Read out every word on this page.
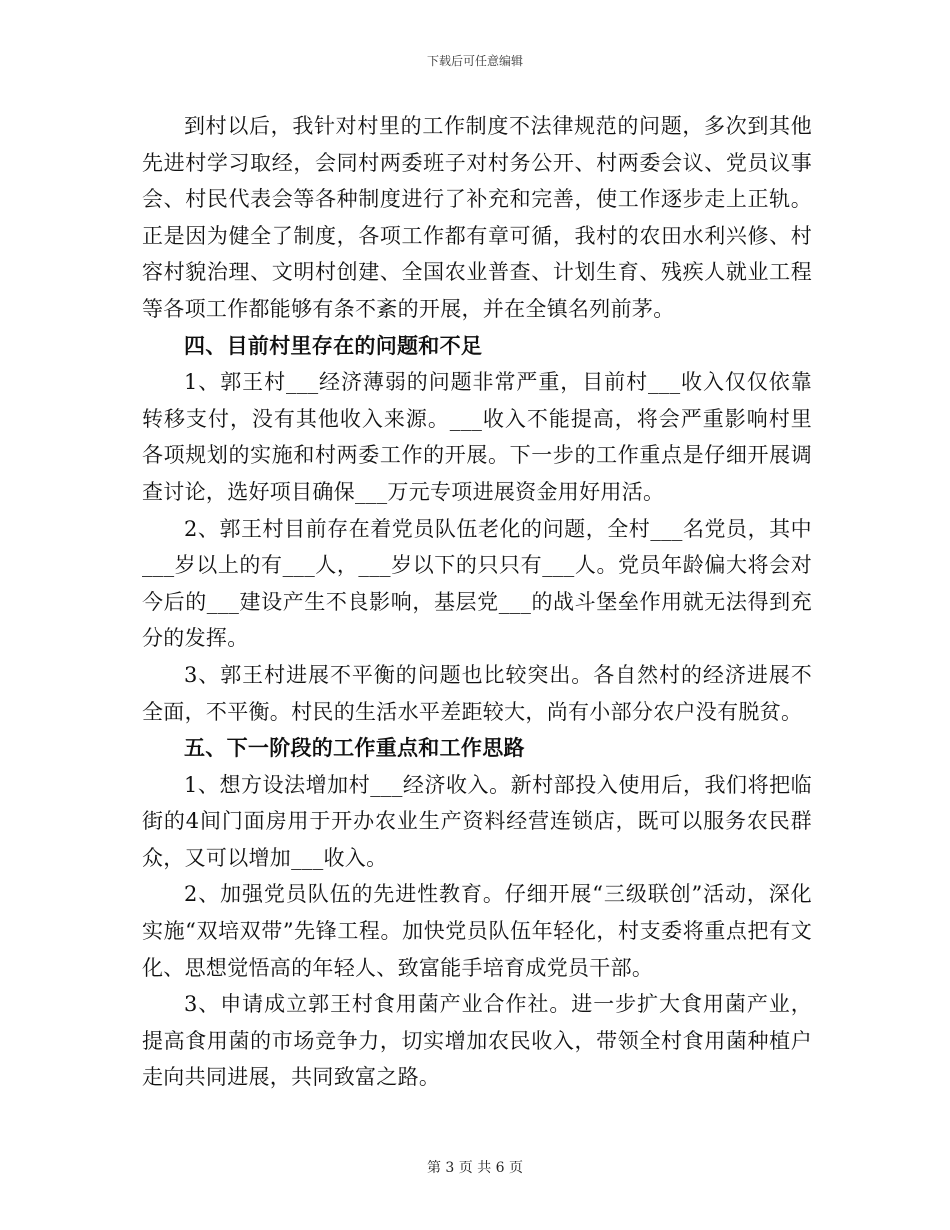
下载后可任意编辑

到村以后，我针对村里的工作制度不法律规范的问题，多次到其他先进村学习取经，会同村两委班子对村务公开、村两委会议、党员议事会、村民代表会等各种制度进行了补充和完善，使工作逐步走上正轨。正是因为健全了制度，各项工作都有章可循，我村的农田水利兴修、村容村貌治理、文明村创建、全国农业普查、计划生育、残疾人就业工程等各项工作都能够有条不紊的开展，并在全镇名列前茅。

四、目前村里存在的问题和不足

1、郭王村___经济薄弱的问题非常严重，目前村___收入仅仅依靠转移支付，没有其他收入来源。___收入不能提高，将会严重影响村里各项规划的实施和村两委工作的开展。下一步的工作重点是仔细开展调查讨论，选好项目确保___万元专项进展资金用好用活。

2、郭王村目前存在着党员队伍老化的问题，全村___名党员，其中___岁以上的有___人，___岁以下的只只有___人。党员年龄偏大将会对今后的___建设产生不良影响，基层党___的战斗堡垒作用就无法得到充分的发挥。

3、郭王村进展不平衡的问题也比较突出。各自然村的经济进展不全面，不平衡。村民的生活水平差距较大，尚有小部分农户没有脱贫。

五、下一阶段的工作重点和工作思路

1、想方设法增加村___经济收入。新村部投入使用后，我们将把临街的4间门面房用于开办农业生产资料经营连锁店，既可以服务农民群众，又可以增加___收入。

2、加强党员队伍的先进性教育。仔细开展“三级联创”活动，深化实施“双培双带”先锋工程。加快党员队伍年轻化，村支委将重点把有文化、思想觉悟高的年轻人、致富能手培育成党员干部。

3、申请成立郭王村食用菌产业合作社。进一步扩大食用菌产业，提高食用菌的市场竞争力，切实增加农民收入，带领全村食用菌种植户走向共同进展，共同致富之路。

第 3 页 共 6 页
